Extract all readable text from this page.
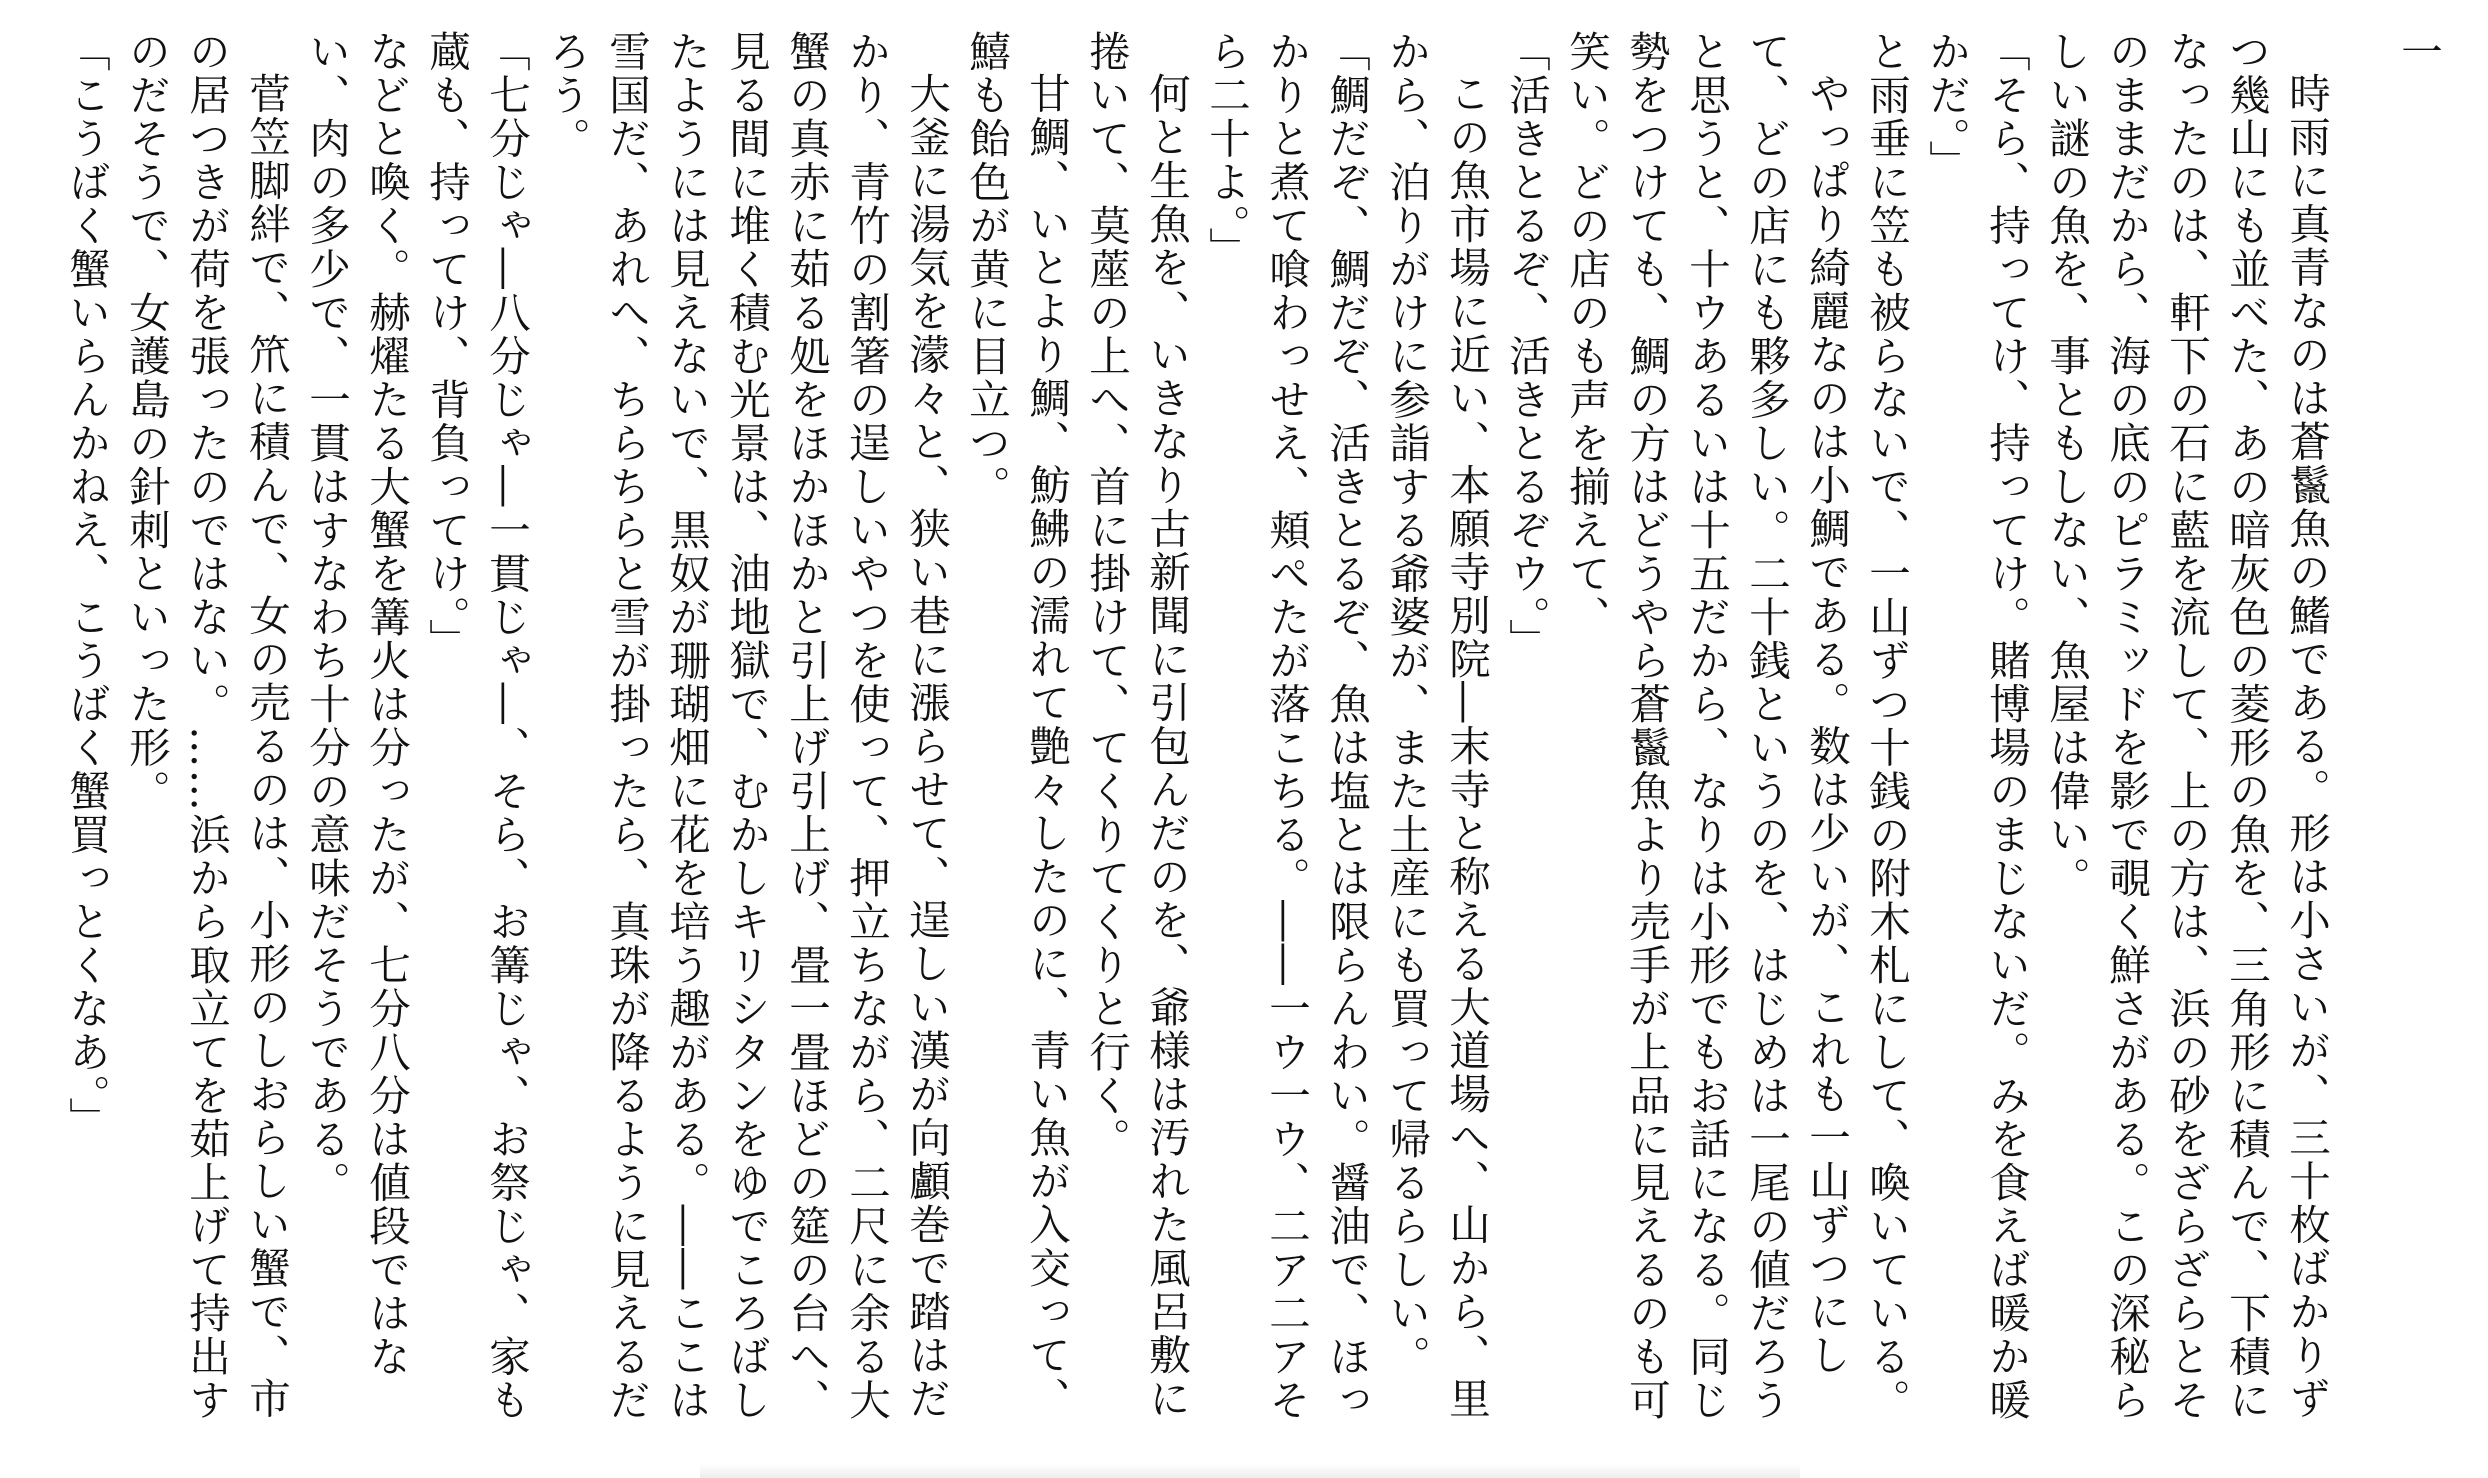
一

時雨に真青なのは蒼鬣魚の鰭である。形は小さいが、三十枚ばかりずつ幾山にも並べた、あの暗灰色の菱形の魚を、三角形に積んで、下積になったのは、軒下の石に藍を流して、上の方は、浜の砂をざらざらとそのままだから、海の底のピラミッドを影で覗く鮮さがある。この深秘らしい謎の魚を、事ともしない、魚屋は偉い。

「そら、持ってけ、持ってけ。賭博場のまじないだ。みを食えば暖か暖かだ。」

と雨垂に笠も被らないで、一山ずつ十銭の附木札にして、喚いている。

やっぱり綺麗なのは小鯛である。数は少いが、これも一山ずつにして、どの店にも夥多しい。二十銭というのを、はじめは一尾の値だろうと思うと、十ウあるいは十五だから、なりは小形でもお話になる。同じ勢をつけても、鯛の方はどうやら蒼鬣魚より売手が上品に見えるのも可笑い。どの店のも声を揃えて、

「活きとるぞ、活きとるぞウ。」

この魚市場に近い、本願寺別院―末寺と称える大道場へ、山から、里から、泊りがけに参詣する爺婆が、また土産にも買って帰るらしい。

「鯛だぞ、鯛だぞ、活きとるぞ、魚は塩とは限らんわい。醤油で、ほっかりと煮て喰わっせえ、頬ぺたが落こちる。――一ウ一ウ、二ア二アそら二十よ。」

何と生魚を、いきなり古新聞に引包んだのを、爺様は汚れた風呂敷に捲いて、莫蓙の上へ、首に掛けて、てくりてくりと行く。

甘鯛、いとより鯛、魴鮄の濡れて艶々したのに、青い魚が入交って、鱚も飴色が黄に目立つ。

大釜に湯気を濛々と、狭い巷に漲らせて、逞しい漢が向顱巻で踏はだかり、青竹の割箸の逞しいやつを使って、押立ちながら、二尺に余る大蟹の真赤に茹る処をほかほかと引上げ引上げ、畳一畳ほどの筵の台へ、見る間に堆く積む光景は、油地獄で、むかしキリシタンをゆでころばしたようには見えないで、黒奴が珊瑚畑に花を培う趣がある。――ここは雪国だ、あれへ、ちらちらと雪が掛ったら、真珠が降るように見えるだろう。

「七分じゃ―八分じゃ―一貫じゃ―、そら、お篝じゃ、お祭じゃ、家も蔵も、持ってけ、背負ってけ。」

などと喚く。赫燿たる大蟹を篝火は分ったが、七分八分は値段ではない、肉の多少で、一貫はすなわち十分の意味だそうである。

菅笠脚絆で、笊に積んで、女の売るのは、小形のしおらしい蟹で、市の居つきが荷を張ったのではない。……浜から取立てを茹上げて持出すのだそうで、女護島の針刺といった形。

「こうばく蟹いらんかねえ、こうばく蟹買っとくなあ。」
